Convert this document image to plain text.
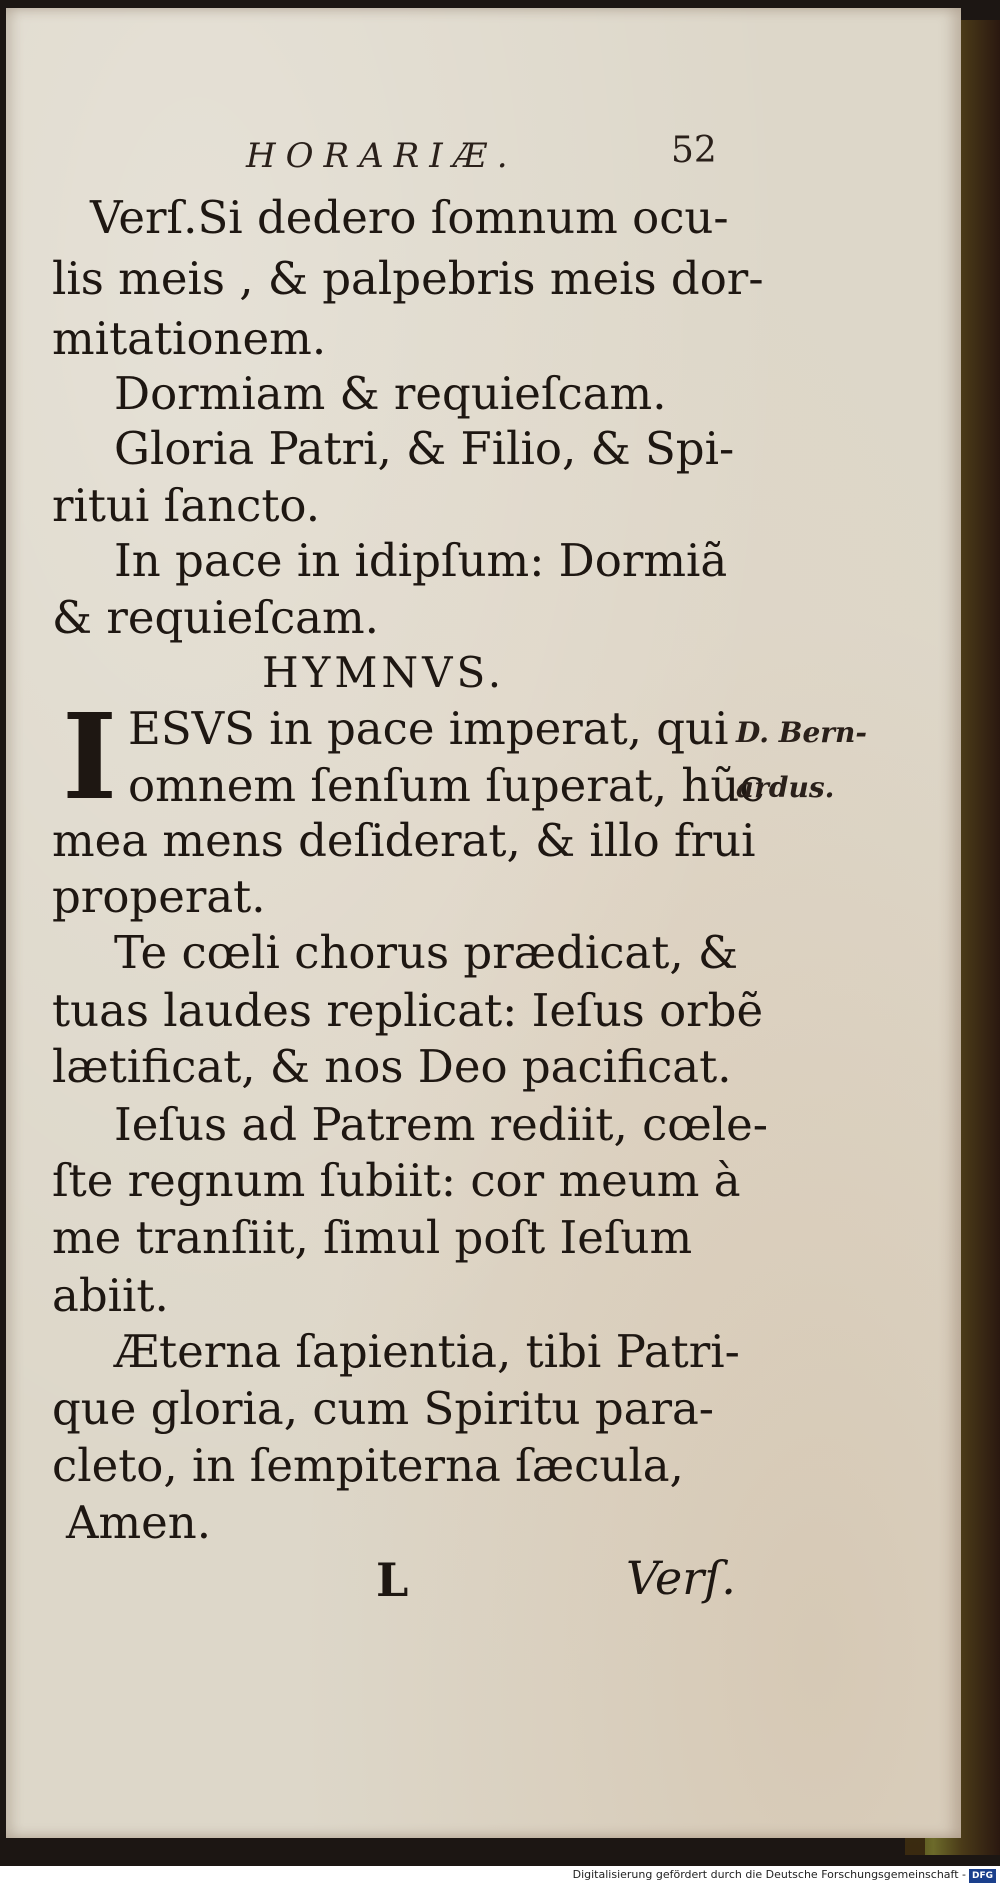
HORARIÆ.	52
Verſ.Si dedero ſomnum ocu-
lis meis , & palpebris meis dor-
mitationem.
Dormiam & requieſcam.
Gloria Patri, & Filio, & Spi-
ritui ſancto.
In pace in idipſum: Dormiã
& requieſcam.
HYMNVS.
I ESVS in pace imperat, qui
omnem ſenſum ſuperat, hũc
mea mens deſiderat, & illo frui
properat.
Te cœli chorus prædicat, &
tuas laudes replicat: Ieſus orbẽ
lætificat, & nos Deo pacificat.
Ieſus ad Patrem rediit, cœle-
ſte regnum ſubiit: cor meum à
me tranſiit, ſimul poſt Ieſum
abiit.
Æterna ſapientia, tibi Patri-
que gloria, cum Spiritu para-
cleto, in ſempiterna ſæcula,
Amen.
D. Bern-
ardus.
L	Verſ.
Digitalisierung gefördert durch die Deutsche Forschungsgemeinschaft - DFG
